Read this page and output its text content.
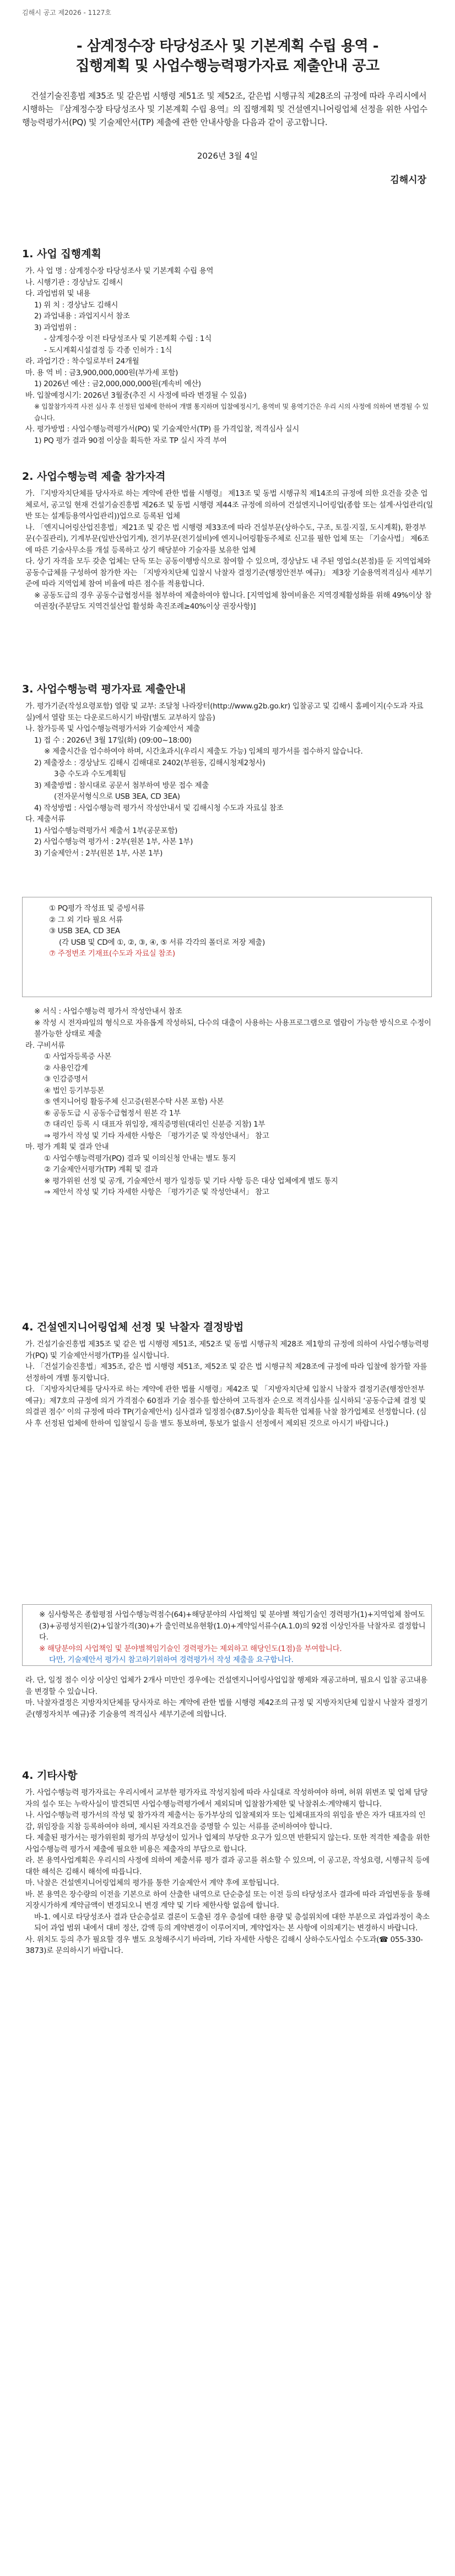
김해시 공고 제2026 - 1127호
- 삼계정수장 타당성조사 및 기본계획 수립 용역 -
집행계획 및 사업수행능력평가자료 제출안내 공고
건설기술진흥법 제35조 및 같은법 시행령 제51조 및 제52조, 같은법 시행규칙 제28조의 규정에 따라 우리시에서 시행하는 『삼계정수장 타당성조사 및 기본계획 수립 용역』의 집행계획 및 건설엔지니어링업체 선정을 위한 사업수행능력평가서(PQ) 및 기술제안서(TP) 제출에 관한 안내사항을 다음과 같이 공고합니다.
2026년 3월 4일
김해시장
1. 사업 집행계획
가. 사 업 명 : 삼계정수장 타당성조사 및 기본계획 수립 용역
나. 시행기관 : 경상남도 김해시
다. 과업범위 및 내용
1) 위 치 : 경상남도 김해시
2) 과업내용 : 과업지시서 참조
3) 과업범위 :
- 삼계정수장 이전 타당성조사 및 기본계획 수립 : 1식
- 도시계획시설결정 등 각종 인허가 : 1식
라. 과업기간 : 착수일로부터 24개월
마. 용 역 비 : 금3,900,000,000원(부가세 포함)
1) 2026년 예산 : 금2,000,000,000원(계속비 예산)
바. 입찰예정시기: 2026년 3월중(추진 시 사정에 따라 변경될 수 있음)
※ 입찰참가자격 사전 심사 후 선정된 업체에 한하여 개별 통지하며 입찰예정시기, 용역비 및 용역기간은 우리 시의 사정에 의하여 변경될 수 있습니다.
사. 평가방법 : 사업수행능력평가서(PQ) 및 기술제안서(TP) 를 가격입찰, 적격심사 실시
1) PQ 평가 결과 90점 이상을 획득한 자로 TP 실시 자격 부여
2. 사업수행능력 제출 참가자격
가. 『지방자치단체를 당사자로 하는 계약에 관한 법률 시행령』 제13조 및 동법 시행규칙 제14조의 규정에 의한 요건을 갖춘 업체로서, 공고일 현재 건설기술진흥법 제26조 및 동법 시행령 제44조 규정에 의하여 건설엔지니어링업(종합 또는 설계·사업관리(일반 또는 설계등용역사업관리))업으로 등록된 업체
나. 「엔지니어링산업진흥법」제21조 및 같은 법 시행령 제33조에 따라 건설부문(상하수도, 구조, 토질·지질, 도시계획), 환경부문(수질관리), 기계부문(일반산업기계), 전기부문(전기설비)에 엔지니어링활동주체로 신고를 필한 업체 또는 「기술사법」 제6조에 따른 기술사무소를 개설 등록하고 상기 해당분야 기술자를 보유한 업체
다. 상기 자격을 모두 갖춘 업체는 단독 또는 공동이행방식으로 참여할 수 있으며, 경상남도 내 주된 영업소(본점)를 둔 지역업체와 공동수급체를 구성하여 참가한 자는 「지방자치단체 입찰시 낙찰자 결정기준(행정안전부 예규)」 제3장 기술용역적격심사 세부기준에 따라 지역업체 참여 비율에 따른 점수를 적용합니다.
※ 공동도급의 경우 공동수급협정서를 첨부하여 제출하여야 합니다. [지역업체 참여비율은 지역경제활성화를 위해 49%이상 참여권장(주분담도 지역건설산업 활성화 촉진조례≥40%이상 권장사항)]
3. 사업수행능력 평가자료 제출안내
가. 평가기준(작성요령포함) 열람 및 교부: 조달청 나라장터(http://www.g2b.go.kr) 입찰공고 및 김해시 홈페이지(수도과 자료실)에서 열람 또는 다운로드하시기 바람(별도 교부하지 않음)
나. 참가등록 및 사업수행능력평가서와 기술제안서 제출
1) 접 수 : 2026년 3월 17일(화) (09:00~18:00)
※ 제출시간을 엄수하여야 하며, 시간초과시(우리시 제출도 가능) 임체의 평가서를 접수하지 않습니다.
2) 제출장소 : 경상남도 김해시 김해대로 2402(부원동, 김해시청제2청사)
3층 수도과 수도계획팀
3) 제출방법 : 참시대로 공문서 첨부하여 방문 접수 제출
(전자문서형식으로 USB 3EA, CD 3EA)
4) 작성방법 : 사업수행능력 평가서 작성안내서 및 김해시청 수도과 자료실 참조
다. 제출서류
1) 사업수행능력평가서 제출서 1부(공문포함)
2) 사업수행능력 평가서 : 2부(원본 1부, 사본 1부)
3) 기술제안서 : 2부(원본 1부, 사본 1부)
① PQ평가 작성표 및 증빙서류
② 그 외 기타 필요 서류
③ USB 3EA, CD 3EA
(각 USB 및 CD에 ①, ②, ③, ④, ⑤ 서류 각각의 폴더로 저장 제출)
⑦ 주정변조 기재표(수도과 자료실 참조)
※ 서식 : 사업수행능력 평가서 작성안내서 참조
※ 작성 시 전자파일의 형식으로 자유롭게 작성하되, 다수의 대출이 사용하는 사용프로그램으로 열람이 가능한 방식으로 수정이 불가능한 상태로 제출
라. 구비서류
① 사업자등록증 사본
② 사용인감계
③ 인감증명서
④ 법인 등기부등본
⑤ 엔지니어링 활동주체 신고증(원본수탁 사본 포함) 사본
⑥ 공동도급 시 공동수급협정서 원본 각 1부
⑦ 대리인 등록 시 대표자 위임장, 재직증명원(대리인 신분증 지참) 1부
⇒ 평가서 작성 및 기타 자세한 사항은 「평가기준 및 작성안내서」 참고
마. 평가 계획 및 결과 안내
① 사업수행능력평가(PQ) 결과 및 이의신청 안내는 별도 통지
② 기술제안서평가(TP) 계획 및 결과
※ 평가위원 선정 및 공개, 기술제안서 평가 일정등 및 기타 사항 등은 대상 업체에게 별도 통지
⇒ 제안서 작성 및 기타 자세한 사항은 「평가기준 및 작성안내서」 참고
4. 건설엔지니어링업체 선정 및 낙찰자 결정방법
가. 건설기술진흥법 제35조 및 같은 법 시행령 제51조, 제52조 및 동법 시행규칙 제28조 제1항의 규정에 의하여 사업수행능력평가(PQ) 및 기술제안서평가(TP)를 실시합니다.
나. 「건설기술진흥법」제35조, 같은 법 시행령 제51조, 제52조 및 같은 법 시행규칙 제28조에 규정에 따라 입찰에 참가할 자를 선정하여 개별 통지합니다.
다. 「지방자치단체를 당사자로 하는 계약에 관한 법률 시행령」제42조 및 「지방자치단체 입찰시 낙찰자 결정기준(행정안전부 예규)」제7호의 규정에 의거 가격점수 60점과 기술 점수를 합산하여 고득점자 순으로 적격심사를 실시하되 ‘공동수급체 결정 및 의결권 점수’ 이의 규정에 따라 TP(기술제안서) 심사결과 일정점수(87.5)이상을 획득한 업체를 낙찰 참가업체로 선정합니다. (심사 후 선정된 업체에 한하여 입찰일시 등을 별도 통보하며, 통보가 없을시 선정에서 제외된 것으로 아시기 바랍니다.)
※ 심사항목은 종합평점 사업수행능력점수(64)+해당분야의 사업책임 및 분야별 책임기술인 경력평가(1)+지역업체 참여도(3)+공평성지원(2)+입찰가격(30)+가 출인력보유현황(1.0)+계약일서류수(A.1.0)의 92점 이상인자를 낙찰자로 결정합니다.
※ 해당분야의 사업책임 및 분야별책임기술인 경력평가는 제외하고 해당인도(1점)을 부여합니다.
다만, 기술제안서 평가시 참고하기위하여 경력평가서 작성 제출을 요구합니다.
라. 단, 일정 점수 이상 이상인 업체가 2개사 미만인 경우에는 건설엔지니어링사업입찰 행제와 재공고하며, 필요시 입찰 공고내용을 변경할 수 있습니다.
마. 낙찰자결정은 지방자치단체를 당사자로 하는 계약에 관한 법률 시행령 제42조의 규정 및 지방자치단체 입찰시 낙찰자 결정기준(행정자치부 예규)중 기술용역 적격심사 세부기준에 의합니다.
4. 기타사항
가. 사업수행능력 평가자료는 우리시에서 교부한 평가자료 작성지침에 따라 사실대로 작성하여야 하며, 허위 위변조 및 업체 담당자의 설수 또는 누락사실이 발견되면 사업수행능력평가에서 제외되며 입찰참가제한 및 낙찰취소·계약해지 합니다.
나. 사업수행능력 평가서의 작성 및 참가자격 제출서는 동가부상의 입찰제외자 또는 입체대표자의 위임을 받은 자가 대표자의 인감, 위임장을 지참 등록하여야 하며, 제시된 자격요건을 증명할 수 있는 서류를 준비하여야 합니다.
다. 제출된 평가서는 평가위원회 평가의 부당성이 있거나 업체의 부당한 요구가 있으면 반환되지 않는다. 또한 적격한 제출을 위한 사업수행능력 평가서 제출에 필요한 비용은 제출자의 부담으로 합니다.
라. 본 용역사업계획은 우리시의 사정에 의하여 제출서류 평가 결과 공고를 취소할 수 있으며, 이 공고문, 작성요령, 시행규칙 등에 대한 해석은 김해시 해석에 따릅니다.
마. 낙찰은 건설엔지니어링업체의 평가를 통한 기술제안서 계약 후에 포함됩니다.
바. 본 용역은 장수량의 이전을 기본으로 하여 산출한 내역으로 단순층설 또는 이전 등의 타당성조사 결과에 따라 과업변동을 통해 지장시가하게 계약금액이 변경되오니 변경 계약 및 기타 제한사항 없음에 합니다.
바-1. 예시로 타당성조사 결과 단순층설로 결론이 도출된 경우 층설에 대한 용량 및 층설위치에 대한 부분으로 과업과정이 축소되어 과업 범위 내에서 대비 정산, 감액 등의 계약변경이 이루어지며, 계약업자는 본 사항에 이의제기는 변경하시 바랍니다.
사. 위치도 등의 추가 필요할 경우 별도 요청해주시기 바라며, 기타 자세한 사항은 김해시 상하수도사업소 수도과(☎ 055-330-3873)로 문의하시기 바랍니다.
